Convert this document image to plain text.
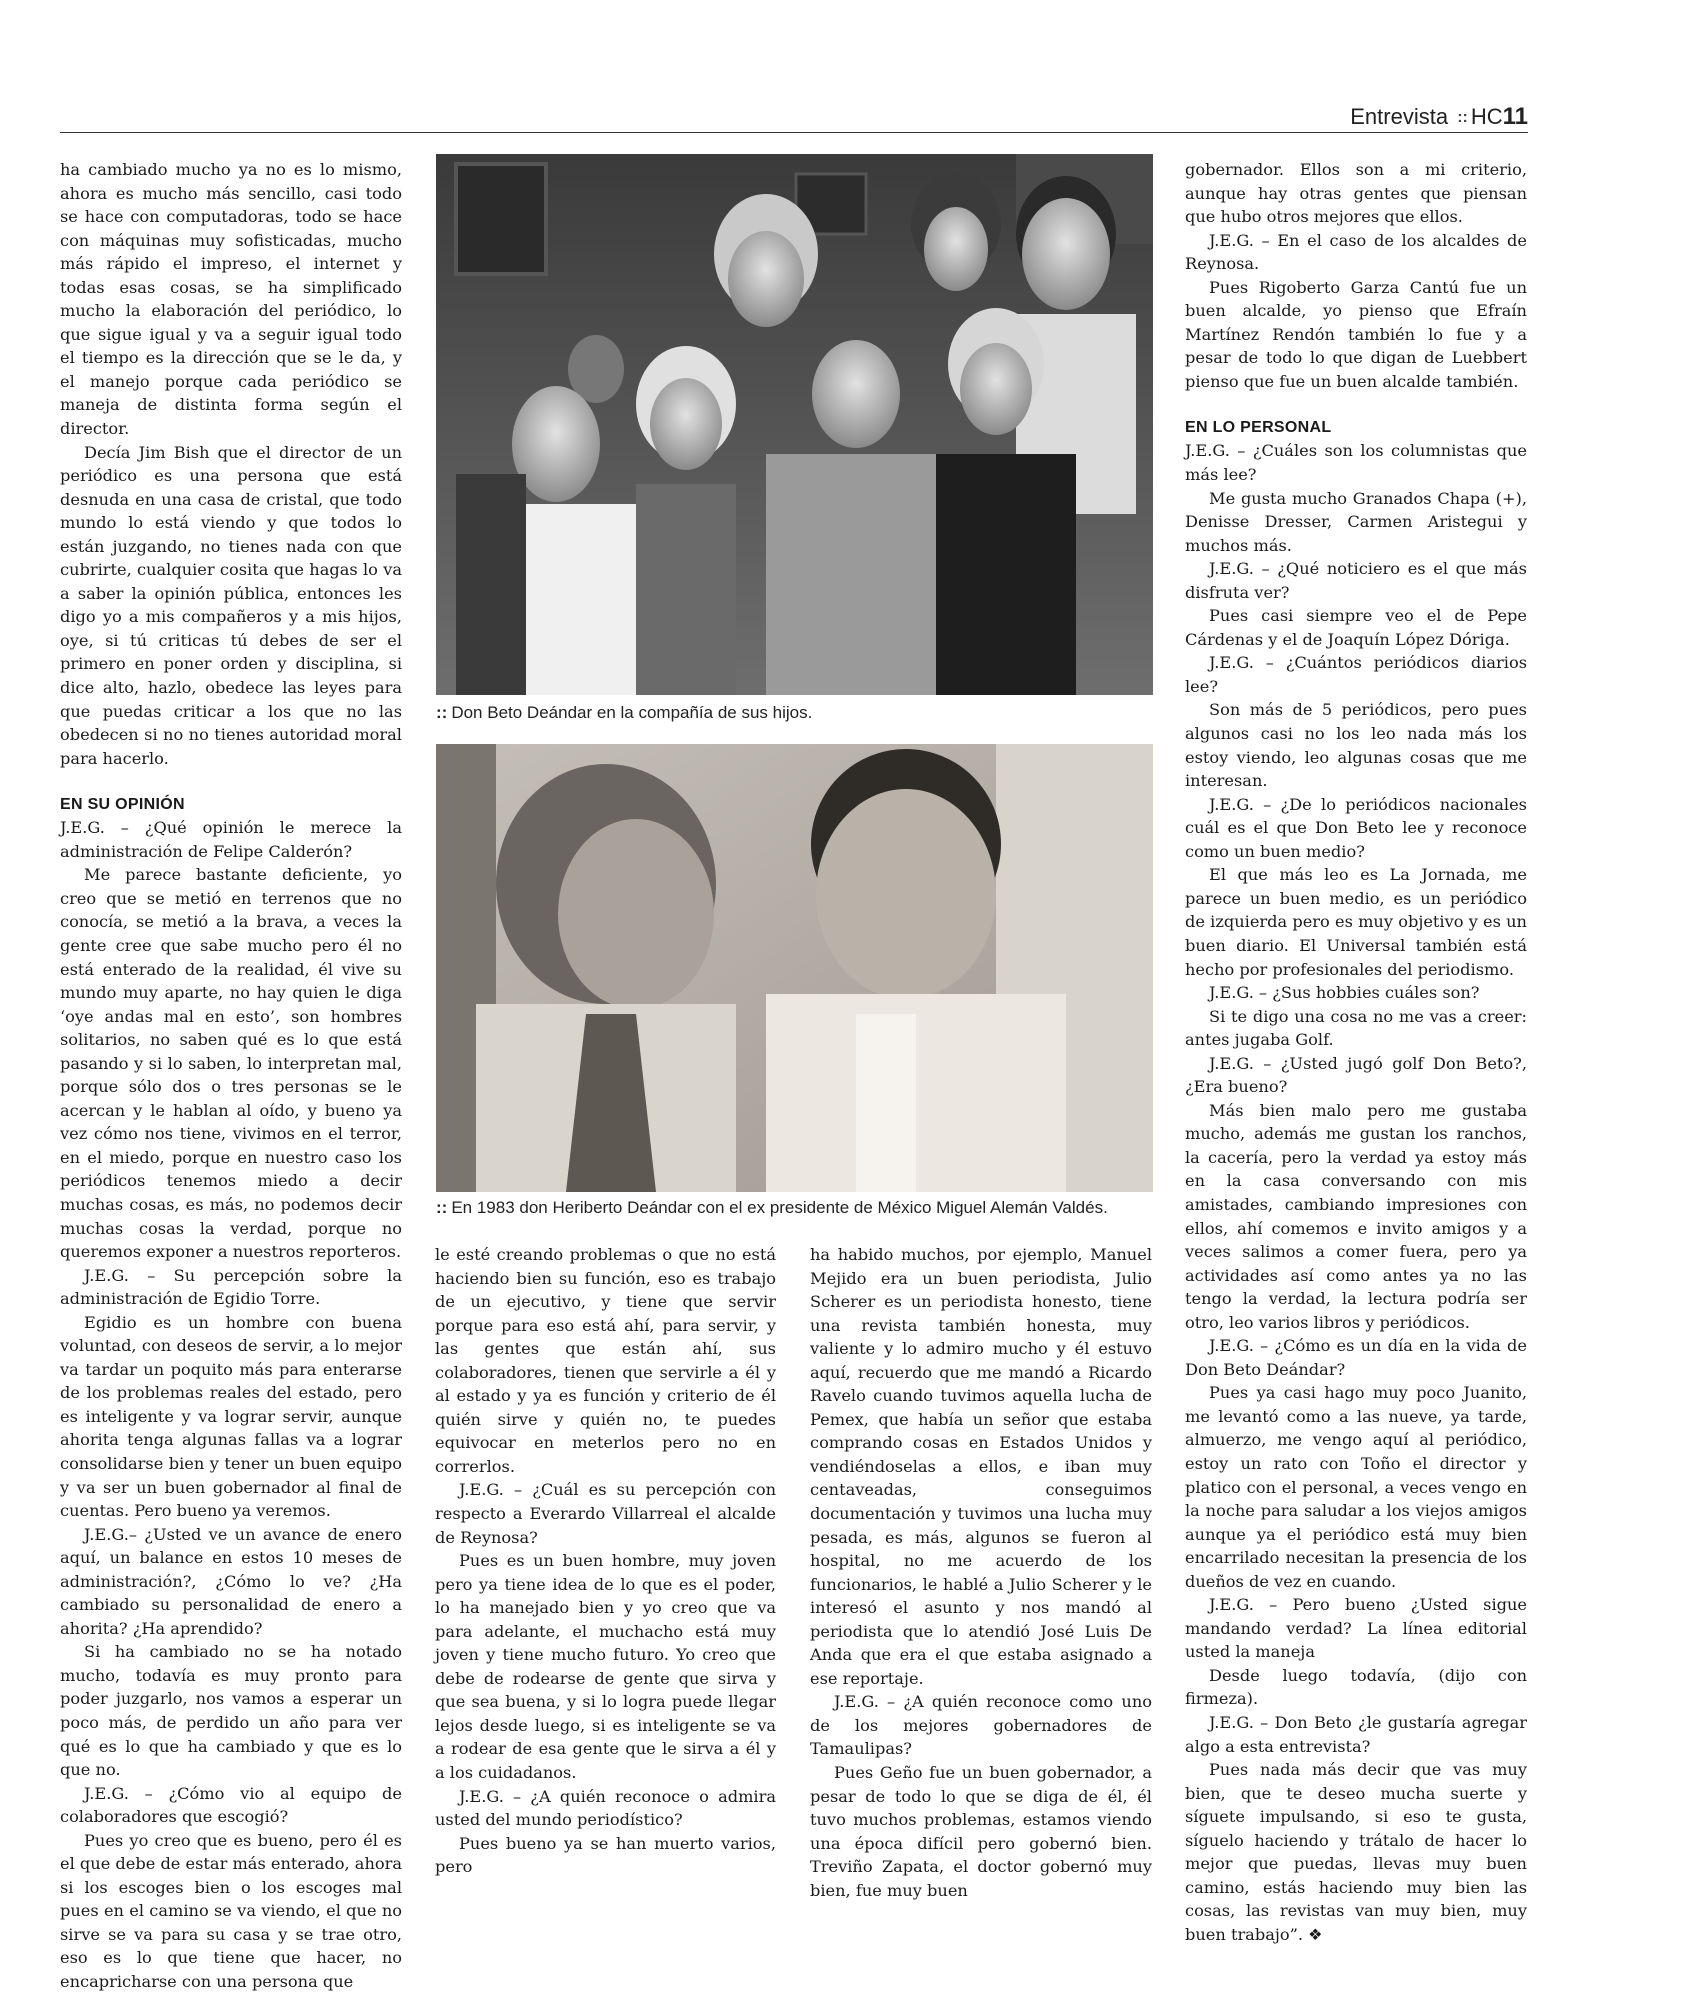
Entrevista :: HC11

ha cambiado mucho ya no es lo mismo, ahora es mucho más sencillo, casi todo se hace con computadoras, todo se hace con máquinas muy sofisticadas, mucho más rápido el impreso, el internet y todas esas cosas, se ha simplificado mucho la elaboración del periódico, lo que sigue igual y va a seguir igual todo el tiempo es la dirección que se le da, y el manejo porque cada periódico se maneja de distinta forma según el director.

Decía Jim Bish que el director de un periódico es una persona que está desnuda en una casa de cristal, que todo mundo lo está viendo y que todos lo están juzgando, no tienes nada con que cubrirte, cualquier cosita que hagas lo va a saber la opinión pública, entonces les digo yo a mis compañeros y a mis hijos, oye, si tú criticas tú debes de ser el primero en poner orden y disciplina, si dice alto, hazlo, obedece las leyes para que puedas criticar a los que no las obedecen si no no tienes autoridad moral para hacerlo.

EN SU OPINIÓN

J.E.G. – ¿Qué opinión le merece la administración de Felipe Calderón?

Me parece bastante deficiente, yo creo que se metió en terrenos que no conocía, se metió a la brava, a veces la gente cree que sabe mucho pero él no está enterado de la realidad, él vive su mundo muy aparte, no hay quien le diga ‘oye andas mal en esto’, son hombres solitarios, no saben qué es lo que está pasando y si lo saben, lo interpretan mal, porque sólo dos o tres personas se le acercan y le hablan al oído, y bueno ya vez cómo nos tiene, vivimos en el terror, en el miedo, porque en nuestro caso los periódicos tenemos miedo a decir muchas cosas, es más, no podemos decir muchas cosas la verdad, porque no queremos exponer a nuestros reporteros.

J.E.G. – Su percepción sobre la administración de Egidio Torre.

Egidio es un hombre con buena voluntad, con deseos de servir, a lo mejor va tardar un poquito más para enterarse de los problemas reales del estado, pero es inteligente y va lograr servir, aunque ahorita tenga algunas fallas va a lograr consolidarse bien y tener un buen equipo y va ser un buen gobernador al final de cuentas. Pero bueno ya veremos.

J.E.G.– ¿Usted ve un avance de enero aquí, un balance en estos 10 meses de administración?, ¿Cómo lo ve? ¿Ha cambiado su personalidad de enero a ahorita? ¿Ha aprendido?

Si ha cambiado no se ha notado mucho, todavía es muy pronto para poder juzgarlo, nos vamos a esperar un poco más, de perdido un año para ver qué es lo que ha cambiado y que es lo que no.

J.E.G. – ¿Cómo vio al equipo de colaboradores que escogió?

Pues yo creo que es bueno, pero él es el que debe de estar más enterado, ahora si los escoges bien o los escoges mal pues en el camino se va viendo, el que no sirve se va para su casa y se trae otro, eso es lo que tiene que hacer, no encapricharse con una persona que

:: Don Beto Deándar en la compañía de sus hijos.
:: En 1983 don Heriberto Deándar con el ex presidente de México Miguel Alemán Valdés.

le esté creando problemas o que no está haciendo bien su función, eso es trabajo de un ejecutivo, y tiene que servir porque para eso está ahí, para servir, y las gentes que están ahí, sus colaboradores, tienen que servirle a él y al estado y ya es función y criterio de él quién sirve y quién no, te puedes equivocar en meterlos pero no en correrlos.

J.E.G. – ¿Cuál es su percepción con respecto a Everardo Villarreal el alcalde de Reynosa?

Pues es un buen hombre, muy joven pero ya tiene idea de lo que es el poder, lo ha manejado bien y yo creo que va para adelante, el muchacho está muy joven y tiene mucho futuro. Yo creo que debe de rodearse de gente que sirva y que sea buena, y si lo logra puede llegar lejos desde luego, si es inteligente se va a rodear de esa gente que le sirva a él y a los cuidadanos.

J.E.G. – ¿A quién reconoce o admira usted del mundo periodístico?

Pues bueno ya se han muerto varios, pero

ha habido muchos, por ejemplo, Manuel Mejido era un buen periodista, Julio Scherer es un periodista honesto, tiene una revista también honesta, muy valiente y lo admiro mucho y él estuvo aquí, recuerdo que me mandó a Ricardo Ravelo cuando tuvimos aquella lucha de Pemex, que había un señor que estaba comprando cosas en Estados Unidos y vendiéndoselas a ellos, e iban muy centaveadas, conseguimos documentación y tuvimos una lucha muy pesada, es más, algunos se fueron al hospital, no me acuerdo de los funcionarios, le hablé a Julio Scherer y le interesó el asunto y nos mandó al periodista que lo atendió José Luis De Anda que era el que estaba asignado a ese reportaje.

J.E.G. – ¿A quién reconoce como uno de los mejores gobernadores de Tamaulipas?

Pues Geño fue un buen gobernador, a pesar de todo lo que se diga de él, él tuvo muchos problemas, estamos viendo una época difícil pero gobernó bien. Treviño Zapata, el doctor gobernó muy bien, fue muy buen

gobernador. Ellos son a mi criterio, aunque hay otras gentes que piensan que hubo otros mejores que ellos.

J.E.G. – En el caso de los alcaldes de Reynosa.

Pues Rigoberto Garza Cantú fue un buen alcalde, yo pienso que Efraín Martínez Rendón también lo fue y a pesar de todo lo que digan de Luebbert pienso que fue un buen alcalde también.

EN LO PERSONAL

J.E.G. – ¿Cuáles son los columnistas que más lee?

Me gusta mucho Granados Chapa (+), Denisse Dresser, Carmen Aristegui y muchos más.

J.E.G. – ¿Qué noticiero es el que más disfruta ver?

Pues casi siempre veo el de Pepe Cárdenas y el de Joaquín López Dóriga.

J.E.G. – ¿Cuántos periódicos diarios lee?

Son más de 5 periódicos, pero pues algunos casi no los leo nada más los estoy viendo, leo algunas cosas que me interesan.

J.E.G. – ¿De lo periódicos nacionales cuál es el que Don Beto lee y reconoce como un buen medio?

El que más leo es La Jornada, me parece un buen medio, es un periódico de izquierda pero es muy objetivo y es un buen diario. El Universal también está hecho por profesionales del periodismo.

J.E.G. – ¿Sus hobbies cuáles son?

Si te digo una cosa no me vas a creer: antes jugaba Golf.

J.E.G. – ¿Usted jugó golf Don Beto?, ¿Era bueno?

Más bien malo pero me gustaba mucho, además me gustan los ranchos, la cacería, pero la verdad ya estoy más en la casa conversando con mis amistades, cambiando impresiones con ellos, ahí comemos e invito amigos y a veces salimos a comer fuera, pero ya actividades así como antes ya no las tengo la verdad, la lectura podría ser otro, leo varios libros y periódicos.

J.E.G. – ¿Cómo es un día en la vida de Don Beto Deándar?

Pues ya casi hago muy poco Juanito, me levantó como a las nueve, ya tarde, almuerzo, me vengo aquí al periódico, estoy un rato con Toño el director y platico con el personal, a veces vengo en la noche para saludar a los viejos amigos aunque ya el periódico está muy bien encarrilado necesitan la presencia de los dueños de vez en cuando.

J.E.G. – Pero bueno ¿Usted sigue mandando verdad? La línea editorial usted la maneja

Desde luego todavía, (dijo con firmeza).

J.E.G. – Don Beto ¿le gustaría agregar algo a esta entrevista?

Pues nada más decir que vas muy bien, que te deseo mucha suerte y síguete impulsando, si eso te gusta, síguelo haciendo y trátalo de hacer lo mejor que puedas, llevas muy buen camino, estás haciendo muy bien las cosas, las revistas van muy bien, muy buen trabajo”. ❖
